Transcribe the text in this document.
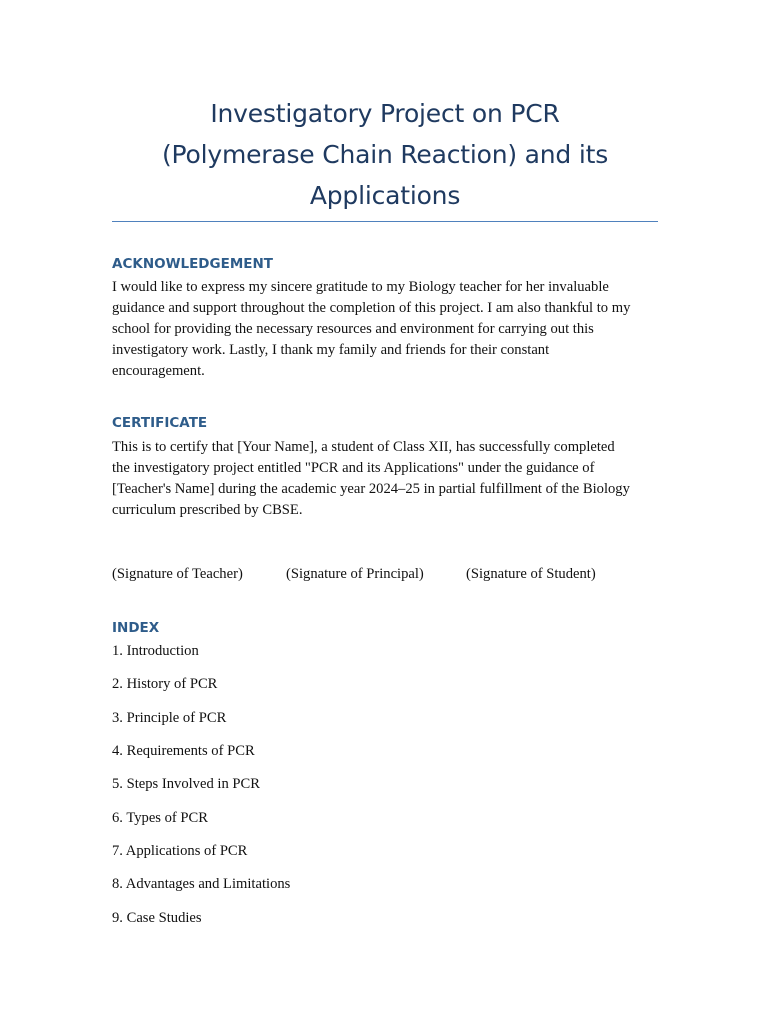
Investigatory Project on PCR
(Polymerase Chain Reaction) and its
Applications
ACKNOWLEDGEMENT
I would like to express my sincere gratitude to my Biology teacher for her invaluable
guidance and support throughout the completion of this project. I am also thankful to my
school for providing the necessary resources and environment for carrying out this
investigatory work. Lastly, I thank my family and friends for their constant
encouragement.
CERTIFICATE
This is to certify that [Your Name], a student of Class XII, has successfully completed
the investigatory project entitled "PCR and its Applications" under the guidance of
[Teacher's Name] during the academic year 2024–25 in partial fulfillment of the Biology
curriculum prescribed by CBSE.
(Signature of Teacher)	(Signature of Principal)	(Signature of Student)
INDEX
1. Introduction
2. History of PCR
3. Principle of PCR
4. Requirements of PCR
5. Steps Involved in PCR
6. Types of PCR
7. Applications of PCR
8. Advantages and Limitations
9. Case Studies
